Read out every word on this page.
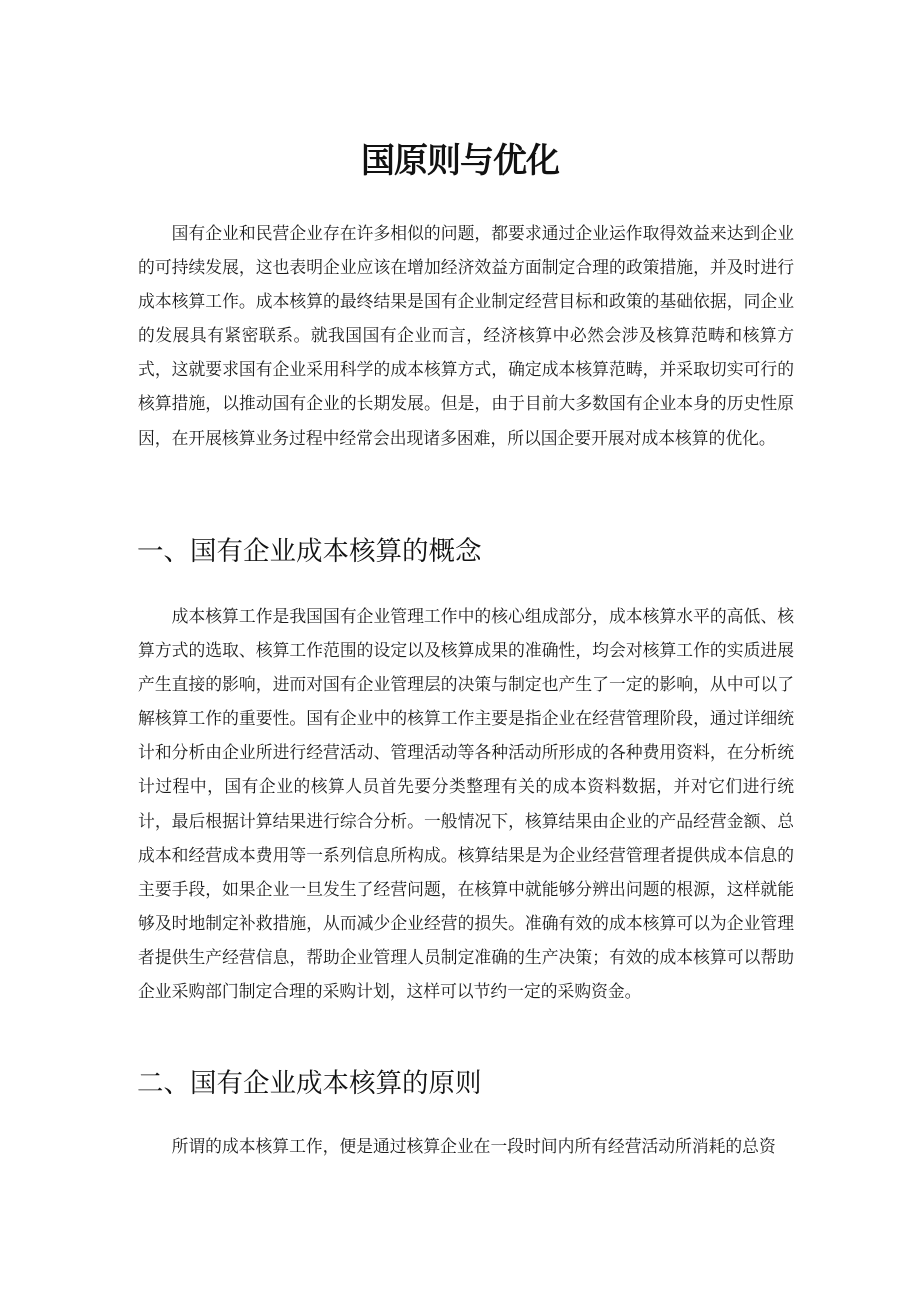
国原则与优化

国有企业和民营企业存在许多相似的问题，都要求通过企业运作取得效益来达到企业的可持续发展，这也表明企业应该在增加经济效益方面制定合理的政策措施，并及时进行成本核算工作。成本核算的最终结果是国有企业制定经营目标和政策的基础依据，同企业的发展具有紧密联系。就我国国有企业而言，经济核算中必然会涉及核算范畴和核算方式，这就要求国有企业采用科学的成本核算方式，确定成本核算范畴，并采取切实可行的核算措施，以推动国有企业的长期发展。但是，由于目前大多数国有企业本身的历史性原因，在开展核算业务过程中经常会出现诸多困难，所以国企要开展对成本核算的优化。

一、国有企业成本核算的概念

成本核算工作是我国国有企业管理工作中的核心组成部分，成本核算水平的高低、核算方式的选取、核算工作范围的设定以及核算成果的准确性，均会对核算工作的实质进展产生直接的影响，进而对国有企业管理层的决策与制定也产生了一定的影响，从中可以了解核算工作的重要性。国有企业中的核算工作主要是指企业在经营管理阶段，通过详细统计和分析由企业所进行经营活动、管理活动等各种活动所形成的各种费用资料，在分析统计过程中，国有企业的核算人员首先要分类整理有关的成本资料数据，并对它们进行统计，最后根据计算结果进行综合分析。一般情况下，核算结果由企业的产品经营金额、总成本和经营成本费用等一系列信息所构成。核算结果是为企业经营管理者提供成本信息的主要手段，如果企业一旦发生了经营问题，在核算中就能够分辨出问题的根源，这样就能够及时地制定补救措施，从而减少企业经营的损失。准确有效的成本核算可以为企业管理者提供生产经营信息，帮助企业管理人员制定准确的生产决策；有效的成本核算可以帮助企业采购部门制定合理的采购计划，这样可以节约一定的采购资金。

二、国有企业成本核算的原则

所谓的成本核算工作，便是通过核算企业在一段时间内所有经营活动所消耗的总资
